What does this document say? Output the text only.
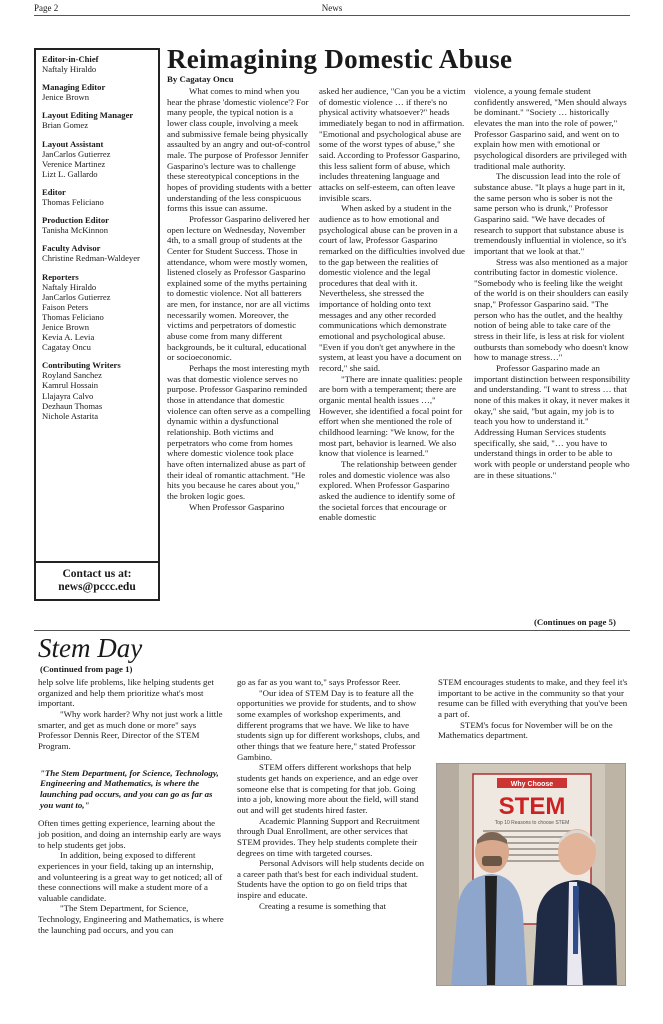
Page 2	News
Editor-in-Chief
Naftaly Hiraldo
Managing Editor
Jenice Brown
Layout Editing Manager
Brian Gomez
Layout Assistant
JanCarlos Gutierrez
Verenice Martinez
Lizt L. Gallardo
Editor
Thomas Feliciano
Production Editor
Tanisha McKinnon
Faculty Advisor
Christine Redman-Waldeyer
Reporters
Naftaly Hiraldo
JanCarlos Gutierrez
Faison Peters
Thomas Feliciano
Jenice Brown
Kevia A. Levia
Cagatay Oncu
Contributing Writers
Royland Sanchez
Kamrul Hossain
Llajayra Calvo
Dezhaun Thomas
Nichole Astarita
Contact us at:
news@pccc.edu
Reimagining Domestic Abuse
By Cagatay Oncu

What comes to mind when you hear the phrase 'domestic violence'? For many people, the typical notion is a lower class couple, involving a meek and submissive female being physically assaulted by an angry and out-of-control male. The purpose of Professor Jennifer Gasparino's lecture was to challenge these stereotypical conceptions in the hopes of providing students with a better understanding of the less conspicuous forms this issue can assume.

Professor Gasparino delivered her open lecture on Wednesday, November 4th, to a small group of students at the Center for Student Success. Those in attendance, whom were mostly women, listened closely as Professor Gasparino explained some of the myths pertaining to domestic violence. Not all batterers are men, for instance, nor are all victims necessarily women. Moreover, the victims and perpetrators of domestic abuse come from many different backgrounds, be it cultural, educational or socioeconomic.

Perhaps the most interesting myth was that domestic violence serves no purpose. Professor Gasparino reminded those in attendance that domestic violence can often serve as a compelling dynamic within a dysfunctional relationship. Both victims and perpetrators who come from homes where domestic violence took place have often internalized abuse as part of their ideal of romantic attachment. "He hits you because he cares about you," the broken logic goes.

When Professor Gasparino

asked her audience, "Can you be a victim of domestic violence … if there's no physical activity whatsoever?" heads immediately began to nod in affirmation. "Emotional and psychological abuse are some of the worst types of abuse," she said. According to Professor Gasparino, this less salient form of abuse, which includes threatening language and attacks on self-esteem, can often leave invisible scars.

When asked by a student in the audience as to how emotional and psychological abuse can be proven in a court of law, Professor Gasparino remarked on the difficulties involved due to the gap between the realities of domestic violence and the legal procedures that deal with it. Nevertheless, she stressed the importance of holding onto text messages and any other recorded communications which demonstrate emotional and psychological abuse. "Even if you don't get anywhere in the system, at least you have a document on record," she said.

"There are innate qualities: people are born with a temperament; there are organic mental health issues …," However, she identified a focal point for effort when she mentioned the role of childhood learning: "We know, for the most part, behavior is learned. We also know that violence is learned."

The relationship between gender roles and domestic violence was also explored. When Professor Gasparino asked the audience to identify some of the societal forces that encourage or enable domestic

violence, a young female student confidently answered, "Men should always be dominant." "Society … historically elevates the man into the role of power," Professor Gasparino said, and went on to explain how men with emotional or psychological disorders are privileged with traditional male authority.

The discussion lead into the role of substance abuse. "It plays a huge part in it, the same person who is sober is not the same person who is drunk," Professor Gasparino said. "We have decades of research to support that substance abuse is tremendously influential in violence, so it's important that we look at that."

Stress was also mentioned as a major contributing factor in domestic violence. "Somebody who is feeling like the weight of the world is on their shoulders can easily snap," Professor Gasparino said. "The person who has the outlet, and the healthy notion of being able to take care of the stress in their life, is less at risk for violent outbursts than somebody who doesn't know how to manage stress…"

Professor Gasparino made an important distinction between responsibility and understanding. "I want to stress … that none of this makes it okay, it never makes it okay," she said, "but again, my job is to teach you how to understand it." Addressing Human Services students specifically, she said, "… you have to understand things in order to be able to work with people or understand people who are in these situations."

(Continues on page 5)
Stem Day
(Continued from page 1)

help solve life problems, like helping students get organized and help them prioritize what's most important.

"Why work harder? Why not just work a little smarter, and get as much done or more" says Professor Dennis Reer, Director of the STEM Program.

"The Stem Department, for Science, Technology, Engineering and Mathematics, is where the launching pad occurs, and you can go as far as you want to,"

Often times getting experience, learning about the job position, and doing an internship early are ways to help students get jobs.

In addition, being exposed to different experiences in your field, taking up an internship, and volunteering is a great way to get noticed; all of these connections will make a student more of a valuable candidate.

"The Stem Department, for Science, Technology, Engineering and Mathematics, is where the launching pad occurs, and you can

go as far as you want to," says Professor Reer.

"Our idea of STEM Day is to feature all the opportunities we provide for students, and to show some examples of workshop experiments, and different programs that we have. We like to have students sign up for different workshops, clubs, and other things that we feature here," stated Professor Gambino.

STEM offers different workshops that help students get hands on experience, and an edge over someone else that is competing for that job. Going into a job, knowing more about the field, will stand out and will get students hired faster.

Academic Planning Support and Recruitment through Dual Enrollment, are other services that STEM provides. They help students complete their degrees on time with targeted courses.

Personal Advisors will help students decide on a career path that's best for each individual student. Students have the option to go on field trips that inspire and educate.

Creating a resume is something that

STEM encourages students to make, and they feel it's important to be active in the community so that your resume can be filled with everything that you've been a part of.

STEM's focus for November will be on the Mathematics department.

Why Choose
STEM
Top 10 Reasons to choose STEM
